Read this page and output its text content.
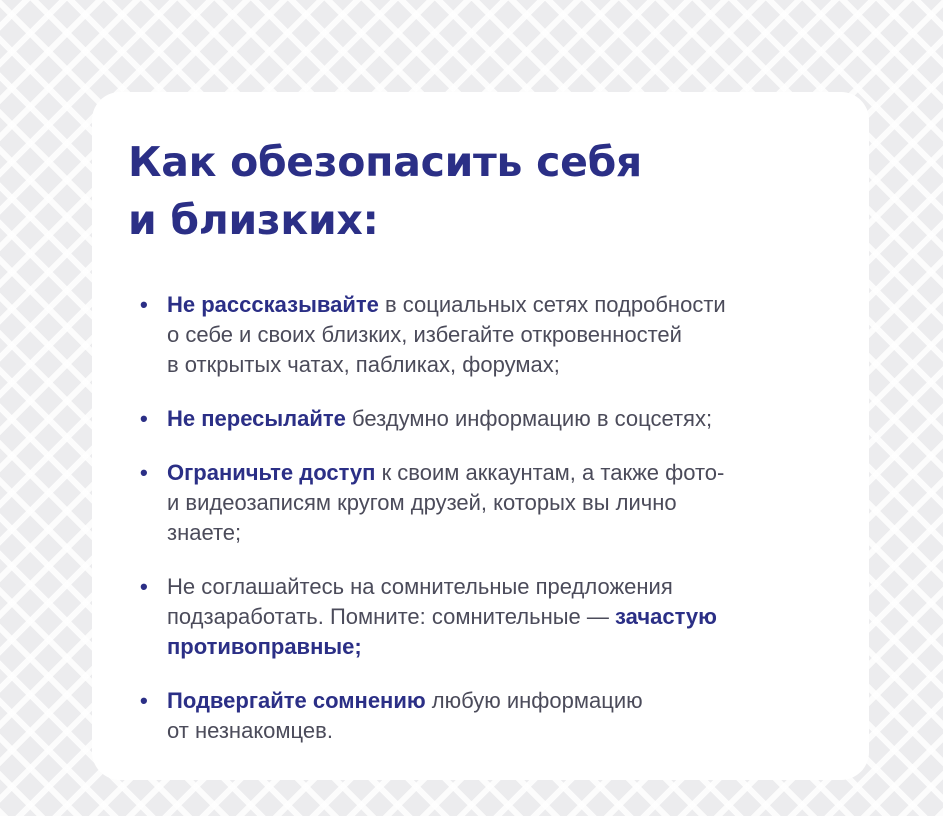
Как обезопасить себя
и близких:
• Не рассcказывайте в социальных сетях подробности
о себе и своих близких, избегайте откровенностей
в открытых чатах, пабликах, форумах;
• Не пересылайте бездумно информацию в соцсетях;
• Ограничьте доступ к своим аккаунтам, а также фото-
и видеозаписям кругом друзей, которых вы лично
знаете;
• Не соглашайтесь на сомнительные предложения
подзаработать. Помните: сомнительные — зачастую
противоправные;
• Подвергайте сомнению любую информацию
от незнакомцев.
